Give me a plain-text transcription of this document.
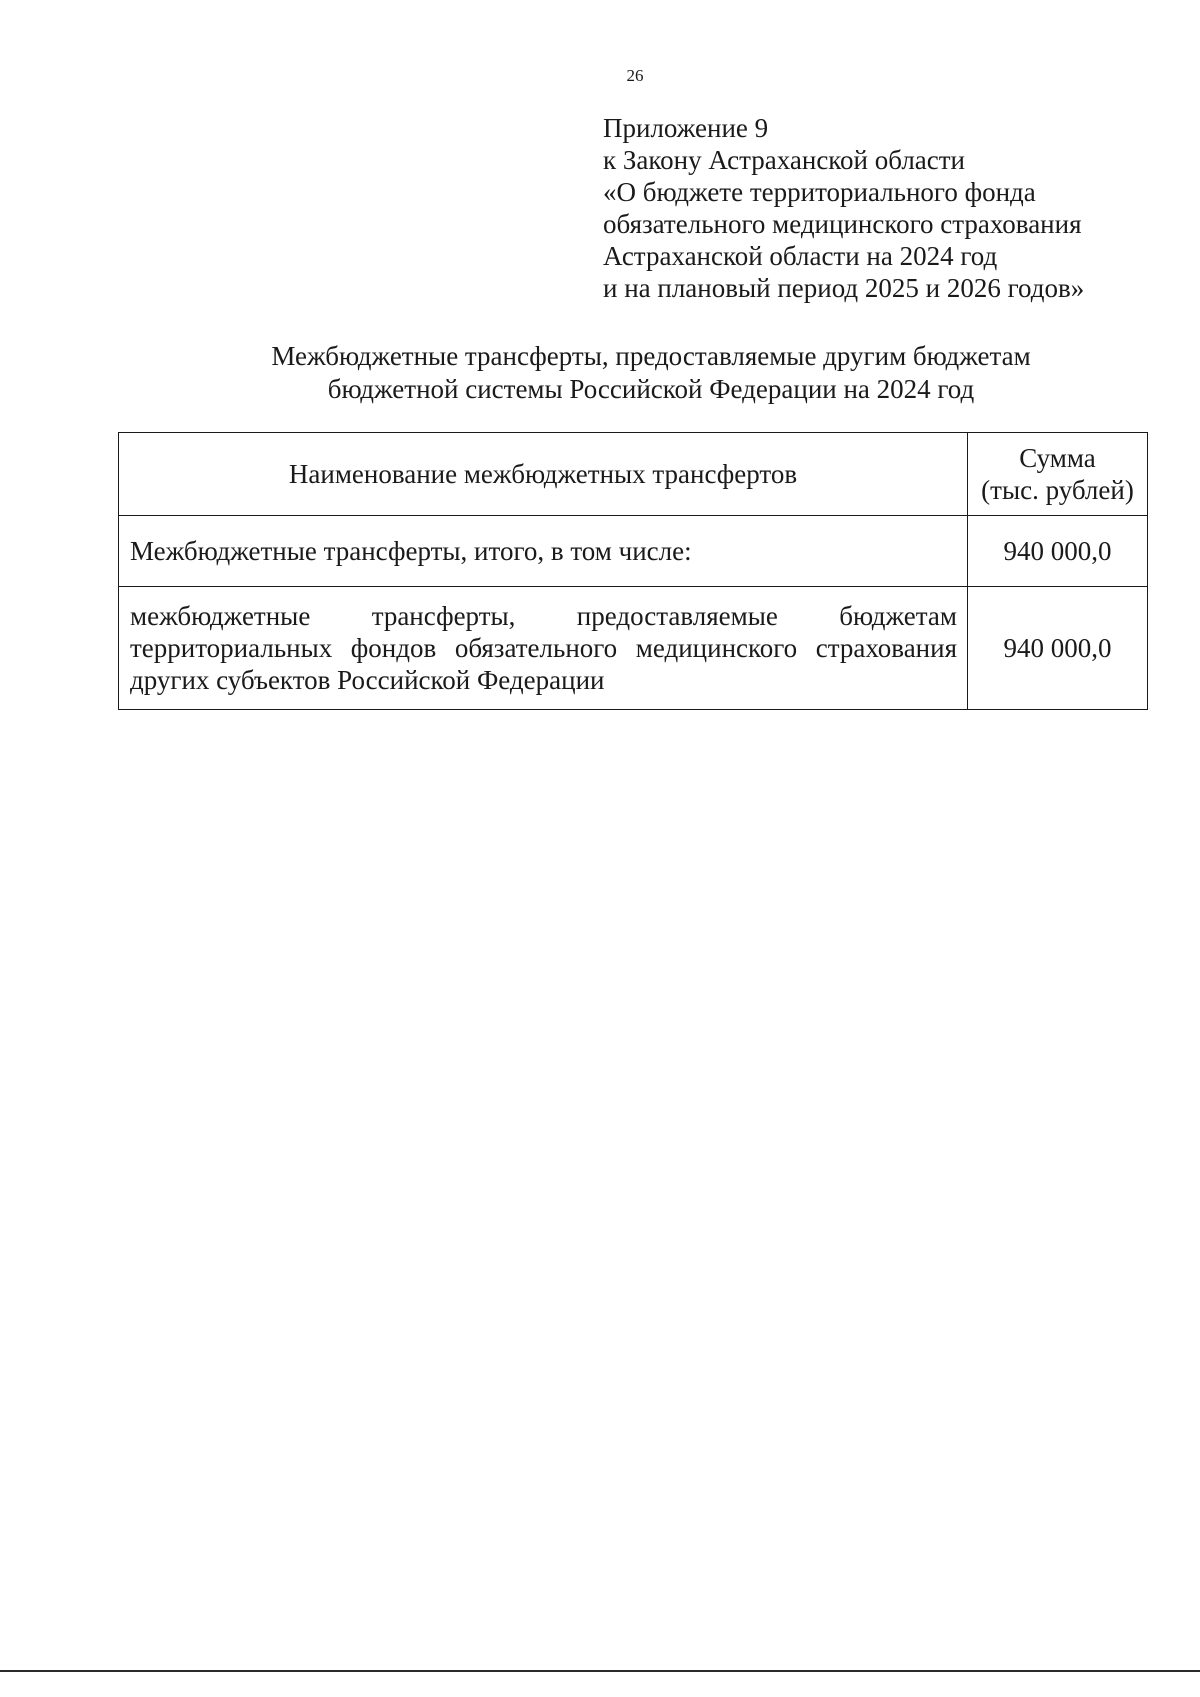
26
Приложение 9
к Закону Астраханской области
«О бюджете территориального фонда
обязательного медицинского страхования
Астраханской области на 2024 год
и на плановый период 2025 и 2026 годов»
Межбюджетные трансферты, предоставляемые другим бюджетам
бюджетной системы Российской Федерации на 2024 год
Наименование межбюджетных трансфертов	Сумма
(тыс. рублей)

Межбюджетные трансферты, итого, в том числе:	940 000,0
межбюджетные трансферты, предоставляемые бюджетам территориальных фондов обязательного медицинского страхования других субъектов Российской Федерации	940 000,0
